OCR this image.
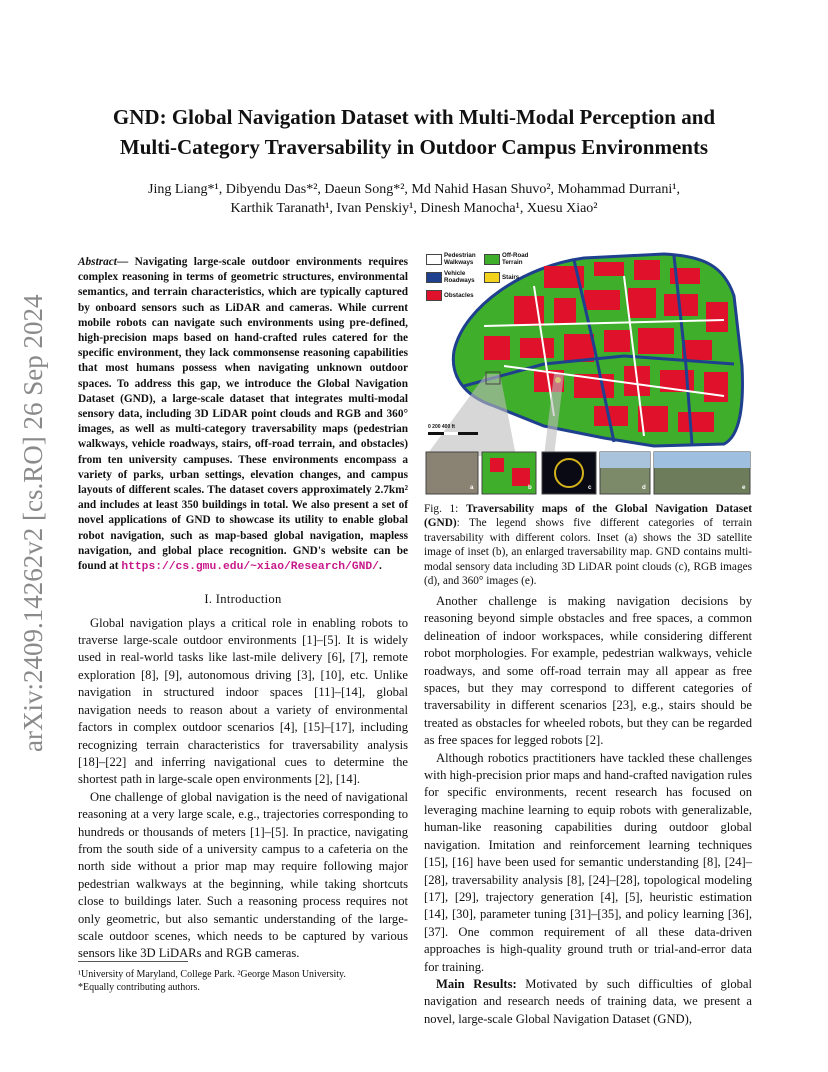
arXiv:2409.14262v2 [cs.RO] 26 Sep 2024
GND: Global Navigation Dataset with Multi-Modal Perception and
Multi-Category Traversability in Outdoor Campus Environments
Jing Liang*¹, Dibyendu Das*², Daeun Song*², Md Nahid Hasan Shuvo², Mohammad Durrani¹,
Karthik Taranath¹, Ivan Penskiy¹, Dinesh Manocha¹, Xuesu Xiao²
Abstract— Navigating large-scale outdoor environments requires complex reasoning in terms of geometric structures, environmental semantics, and terrain characteristics, which are typically captured by onboard sensors such as LiDAR and cameras. While current mobile robots can navigate such environments using pre-defined, high-precision maps based on hand-crafted rules catered for the specific environment, they lack commonsense reasoning capabilities that most humans possess when navigating unknown outdoor spaces. To address this gap, we introduce the Global Navigation Dataset (GND), a large-scale dataset that integrates multi-modal sensory data, including 3D LiDAR point clouds and RGB and 360° images, as well as multi-category traversability maps (pedestrian walkways, vehicle roadways, stairs, off-road terrain, and obstacles) from ten university campuses. These environments encompass a variety of parks, urban settings, elevation changes, and campus layouts of different scales. The dataset covers approximately 2.7km² and includes at least 350 buildings in total. We also present a set of novel applications of GND to showcase its utility to enable global robot navigation, such as map-based global navigation, mapless navigation, and global place recognition. GND's website can be found at https://cs.gmu.edu/~xiao/Research/GND/.
I. Introduction

Global navigation plays a critical role in enabling robots to traverse large-scale outdoor environments [1]–[5]. It is widely used in real-world tasks like last-mile delivery [6], [7], remote exploration [8], [9], autonomous driving [3], [10], etc. Unlike navigation in structured indoor spaces [11]–[14], global navigation needs to reason about a variety of environmental factors in complex outdoor scenarios [4], [15]–[17], including recognizing terrain characteristics for traversability analysis [18]–[22] and inferring navigational cues to determine the shortest path in large-scale open environments [2], [14].

One challenge of global navigation is the need of navigational reasoning at a very large scale, e.g., trajectories corresponding to hundreds or thousands of meters [1]–[5]. In practice, navigating from the south side of a university campus to a cafeteria on the north side without a prior map may require following major pedestrian walkways at the beginning, while taking shortcuts close to buildings later. Such a reasoning process requires not only geometric, but also semantic understanding of the large-scale outdoor scenes, which needs to be captured by various sensors like 3D LiDARs and RGB cameras.

¹University of Maryland, College Park. ²George Mason University.
*Equally contributing authors.
Pedestrian Walkways
Off-Road Terrain
Vehicle Roadways	Stairs
Obstacles
0 200 400 ft
a	b	c	d	e
Fig. 1: Traversability maps of the Global Navigation Dataset (GND): The legend shows five different categories of terrain traversability with different colors. Inset (a) shows the 3D satellite image of inset (b), an enlarged traversability map. GND contains multi-modal sensory data including 3D LiDAR point clouds (c), RGB images (d), and 360° images (e).

Another challenge is making navigation decisions by reasoning beyond simple obstacles and free spaces, a common delineation of indoor workspaces, while considering different robot morphologies. For example, pedestrian walkways, vehicle roadways, and some off-road terrain may all appear as free spaces, but they may correspond to different categories of traversability in different scenarios [23], e.g., stairs should be treated as obstacles for wheeled robots, but they can be regarded as free spaces for legged robots [2].

Although robotics practitioners have tackled these challenges with high-precision prior maps and hand-crafted navigation rules for specific environments, recent research has focused on leveraging machine learning to equip robots with generalizable, human-like reasoning capabilities during outdoor global navigation. Imitation and reinforcement learning techniques [15], [16] have been used for semantic understanding [8], [24]–[28], traversability analysis [8], [24]–[28], topological modeling [17], [29], trajectory generation [4], [5], heuristic estimation [14], [30], parameter tuning [31]–[35], and policy learning [36], [37]. One common requirement of all these data-driven approaches is high-quality ground truth or trial-and-error data for training.

Main Results: Motivated by such difficulties of global navigation and research needs of training data, we present a novel, large-scale Global Navigation Dataset (GND),
